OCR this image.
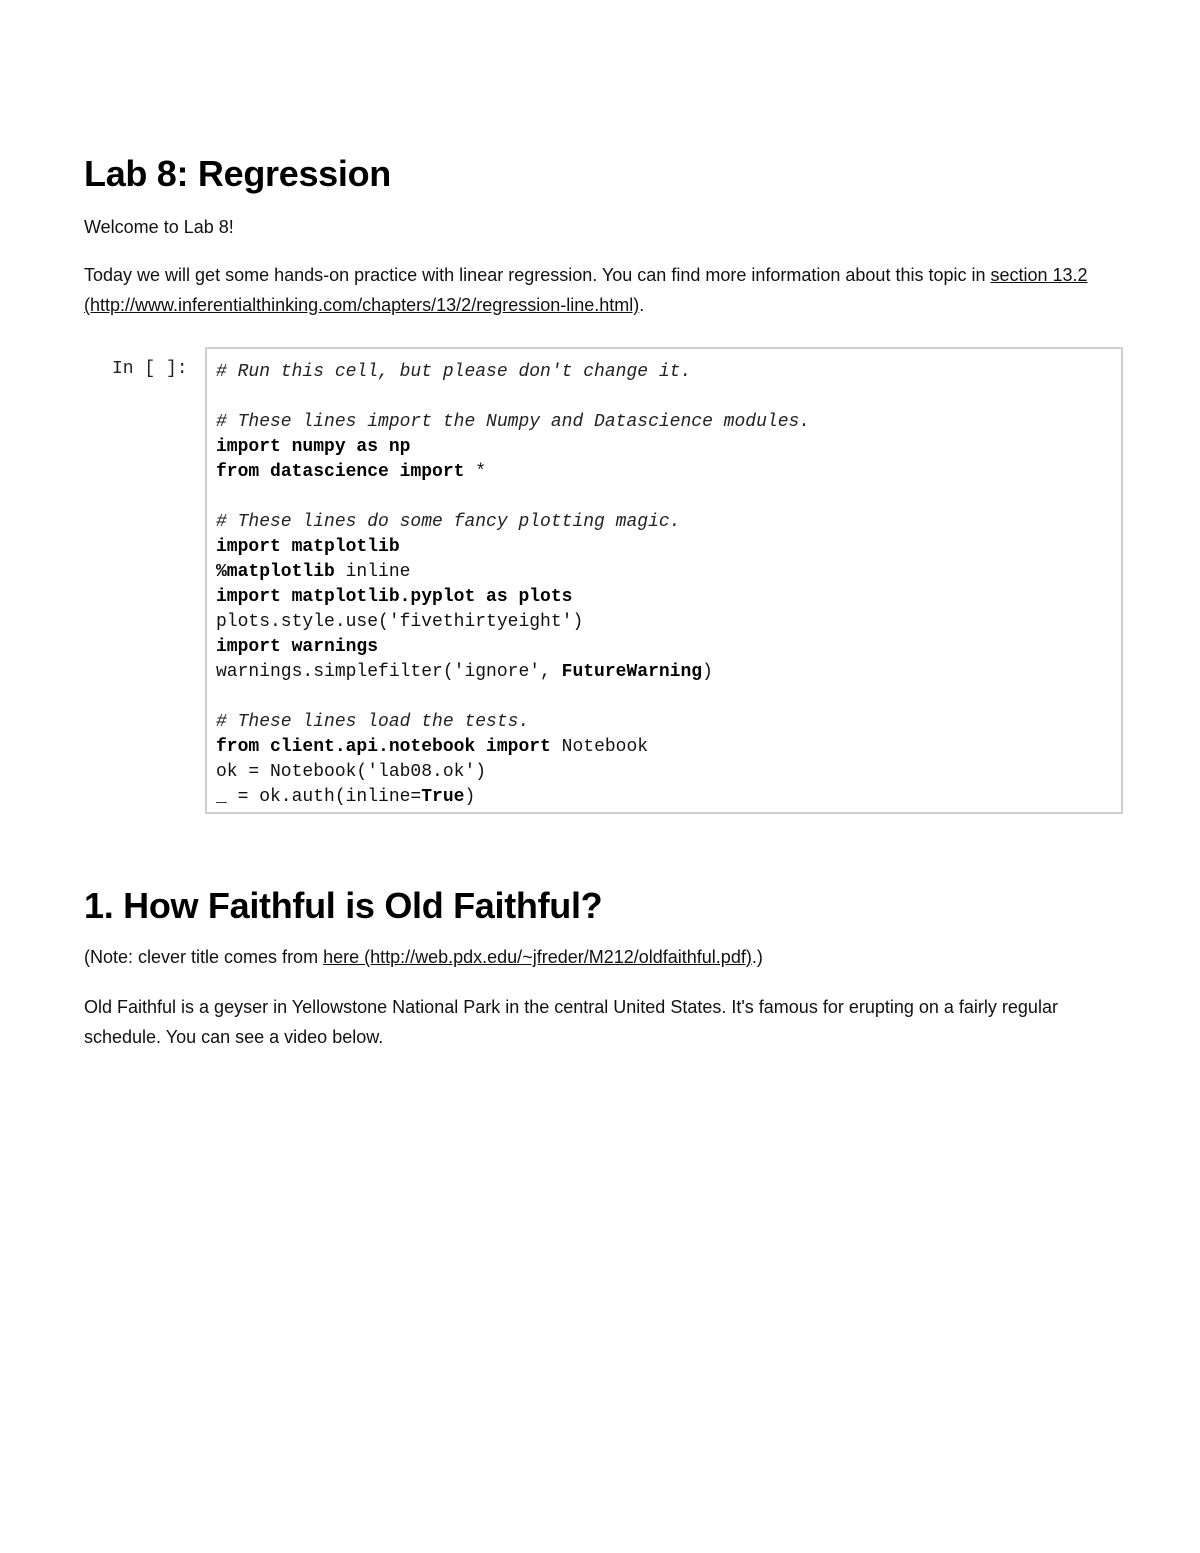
Lab 8: Regression

Welcome to Lab 8!

Today we will get some hands-on practice with linear regression. You can find more information about this topic in section 13.2 (http://www.inferentialthinking.com/chapters/13/2/regression-line.html).

In [ ]: # Run this cell, but please don't change it.
# These lines import the Numpy and Datascience modules.
import numpy as np
from datascience import *
# These lines do some fancy plotting magic.
import matplotlib
%matplotlib inline
import matplotlib.pyplot as plots
plots.style.use('fivethirtyeight')
import warnings
warnings.simplefilter('ignore', FutureWarning)
# These lines load the tests.
from client.api.notebook import Notebook
ok = Notebook('lab08.ok')
_ = ok.auth(inline=True)
1. How Faithful is Old Faithful?

(Note: clever title comes from here (http://web.pdx.edu/~jfreder/M212/oldfaithful.pdf).)

Old Faithful is a geyser in Yellowstone National Park in the central United States. It's famous for erupting on a fairly regular schedule. You can see a video below.
